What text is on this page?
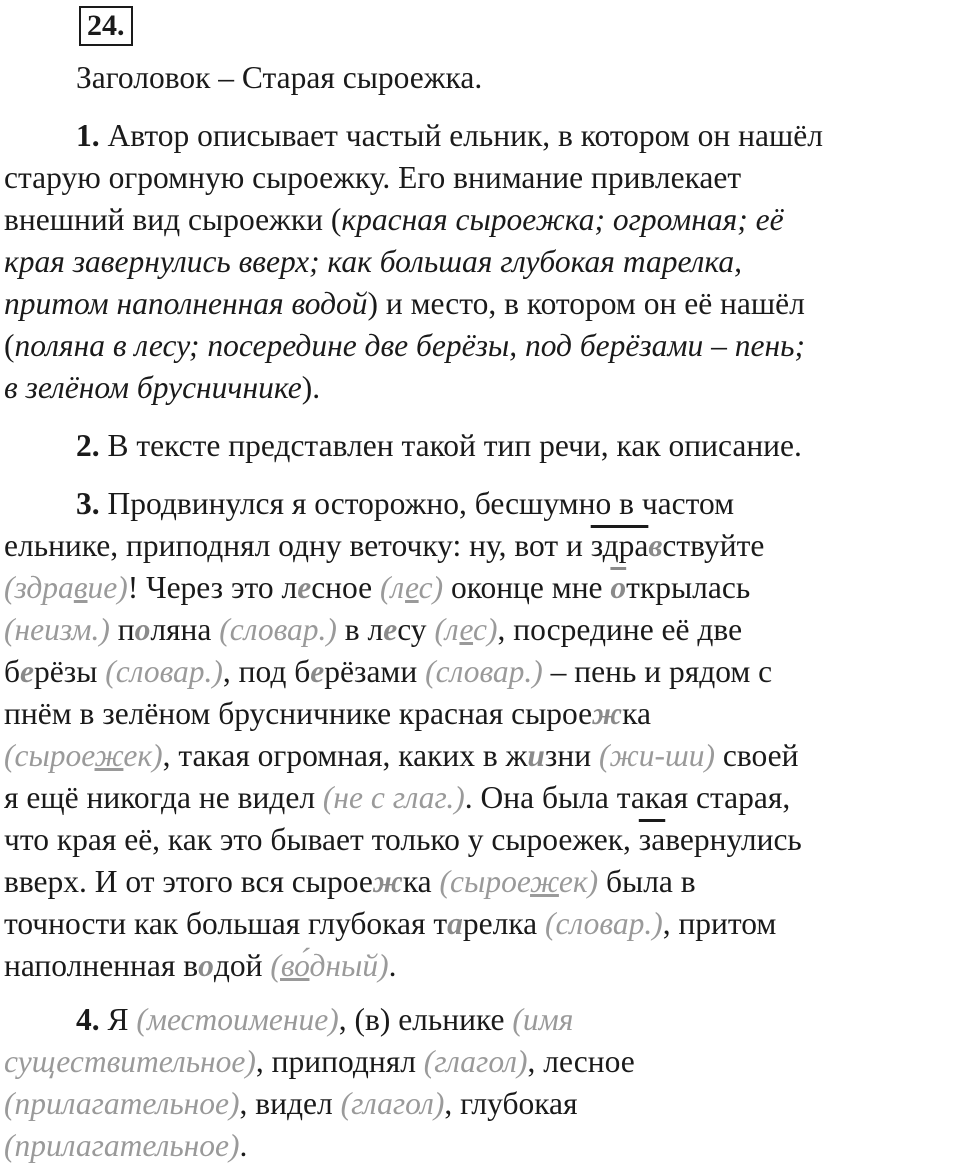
24.
Заголовок – Старая сыроежка.
1. Автор описывает частый ельник, в котором он нашёл
старую огромную сыроежку. Его внимание привлекает
внешний вид сыроежки (красная сыроежка; огромная; её
края завернулись вверх; как большая глубокая тарелка,
притом наполненная водой) и место, в котором он её нашёл
(поляна в лесу; посередине две берёзы, под берёзами – пень;
в зелёном брусничнике).
2. В тексте представлен такой тип речи, как описание.
3. Продвинулся я осторожно, бесшумно в частом
ельнике, приподнял одну веточку: ну, вот и здравствуйте
(здравие)! Через это лесное (лес) оконце мне открылась
(неизм.) поляна (словар.) в лесу (лес), посредине её две
берёзы (словар.), под берёзами (словар.) – пень и рядом с
пнём в зелёном брусничнике красная сыроежка
(сыроежек), такая огромная, каких в жизни (жи-ши) своей
я ещё никогда не видел (не с глаг.). Она была такая старая,
что края её, как это бывает только у сыроежек, завернулись
вверх. И от этого вся сыроежка (сыроежек) была в
точности как большая глубокая тарелка (словар.), притом
наполненная водой (во́дный).
4. Я (местоимение), (в) ельнике (имя
существительное), приподнял (глагол), лесное
(прилагательное), видел (глагол), глубокая
(прилагательное).
